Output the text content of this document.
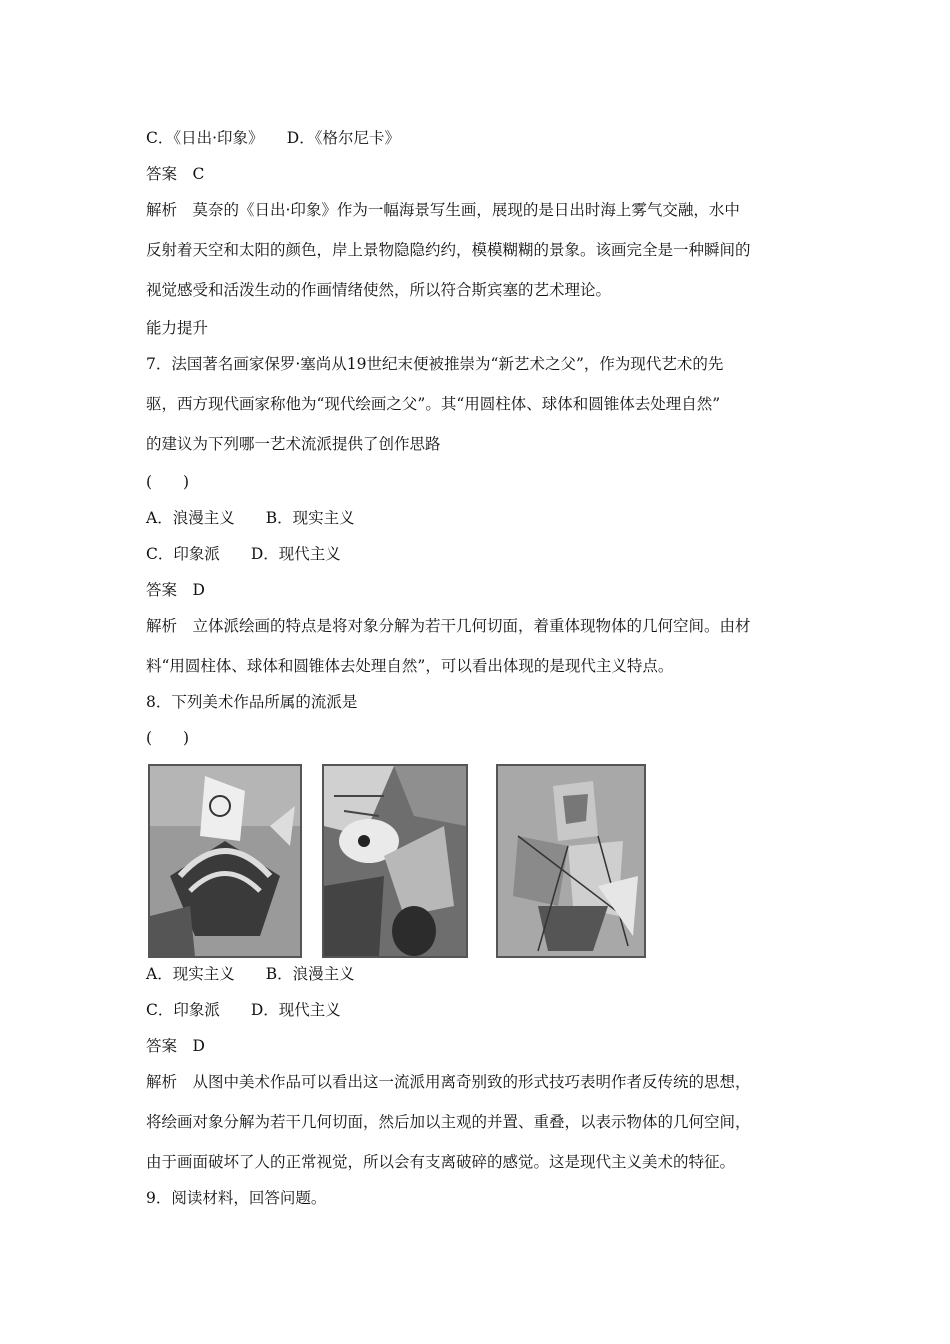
C．《日出·印象》　　D．《格尔尼卡》
答案　C
解析　莫奈的《日出·印象》作为一幅海景写生画，展现的是日出时海上雾气交融，水中
反射着天空和太阳的颜色，岸上景物隐隐约约，模模糊糊的景象。该画完全是一种瞬间的
视觉感受和活泼生动的作画情绪使然，所以符合斯宾塞的艺术理论。
能力提升
7．法国著名画家保罗·塞尚从19世纪末便被推崇为“新艺术之父”，作为现代艺术的先
驱，西方现代画家称他为“现代绘画之父”。其“用圆柱体、球体和圆锥体去处理自然”
的建议为下列哪一艺术流派提供了创作思路
(　　)
A．浪漫主义　　B．现实主义
C．印象派　　D．现代主义
答案　D
解析　立体派绘画的特点是将对象分解为若干几何切面，着重体现物体的几何空间。由材
料“用圆柱体、球体和圆锥体去处理自然”，可以看出体现的是现代主义特点。
8．下列美术作品所属的流派是
(　　)
A．现实主义　　B．浪漫主义
C．印象派　　D．现代主义
答案　D
解析　从图中美术作品可以看出这一流派用离奇别致的形式技巧表明作者反传统的思想，
将绘画对象分解为若干几何切面，然后加以主观的并置、重叠，以表示物体的几何空间，
由于画面破坏了人的正常视觉，所以会有支离破碎的感觉。这是现代主义美术的特征。
9．阅读材料，回答问题。
